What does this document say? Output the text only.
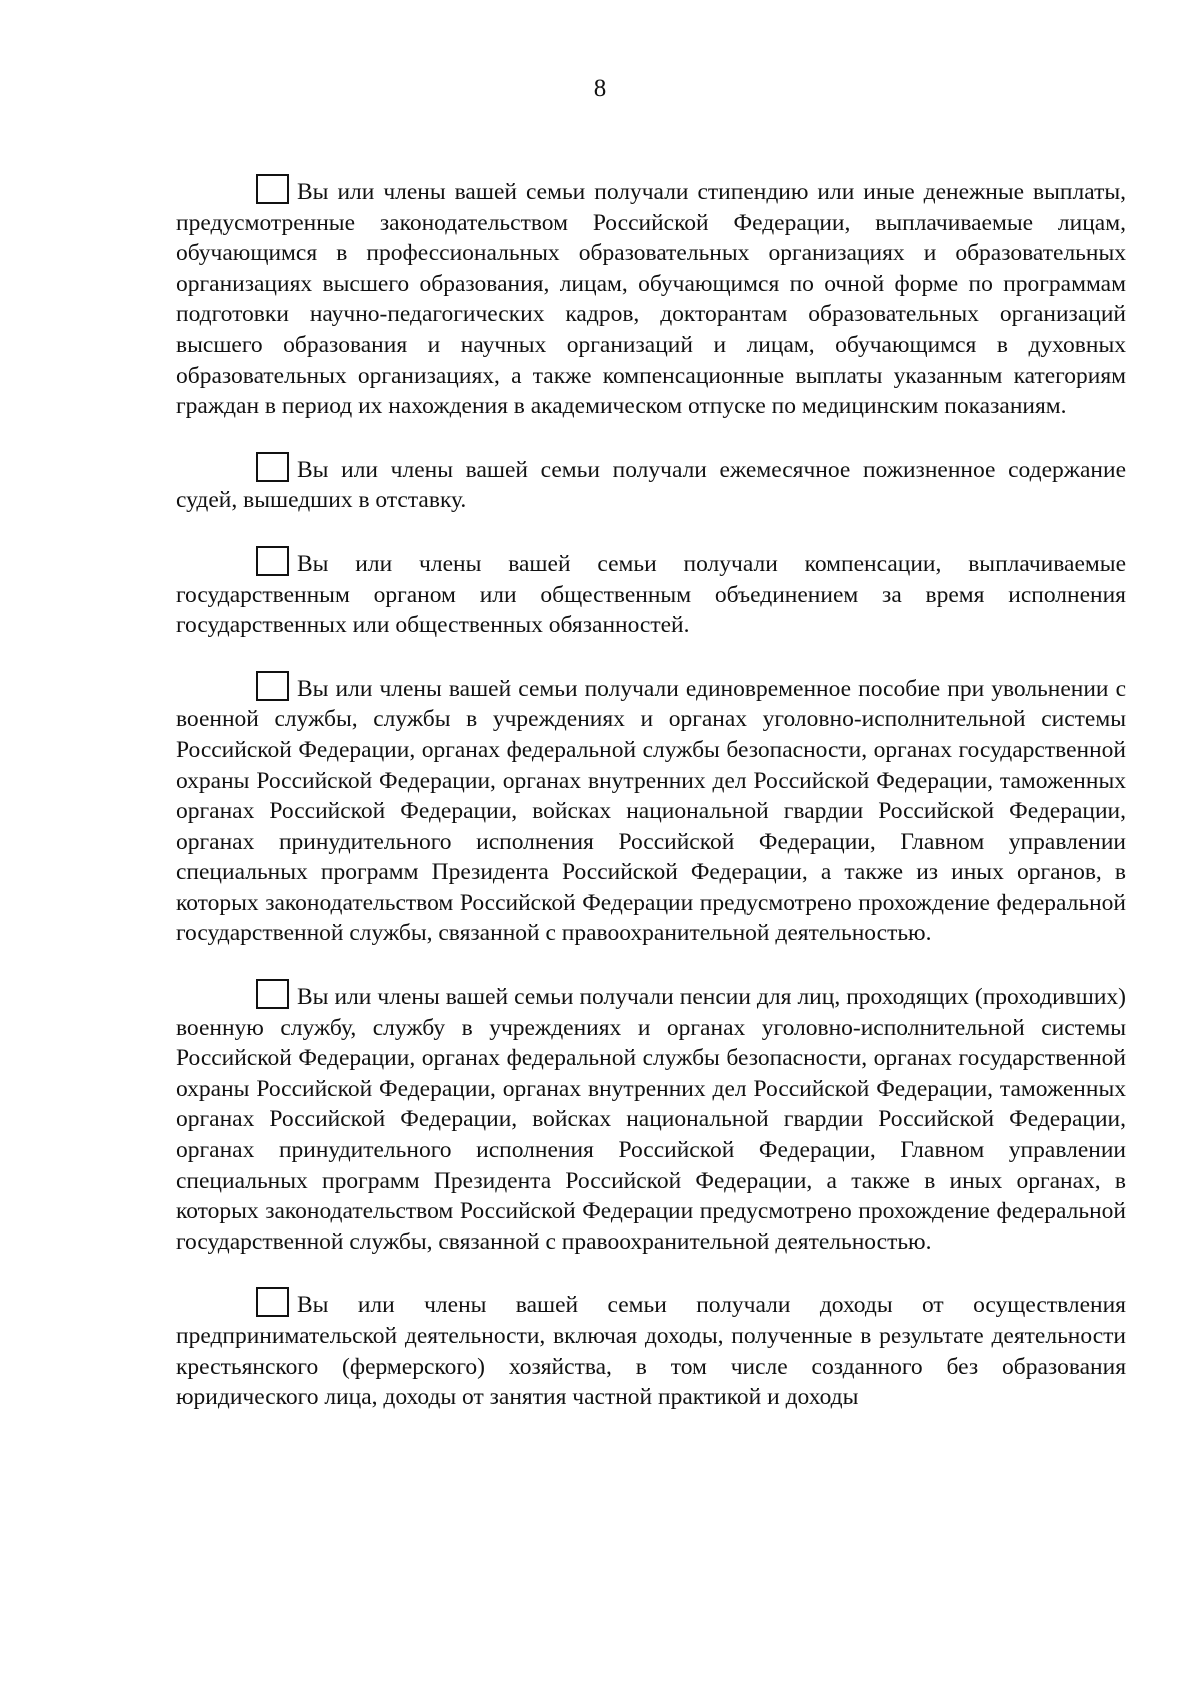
8

Вы или члены вашей семьи получали стипендию или иные денежные выплаты, предусмотренные законодательством Российской Федерации, выплачиваемые лицам, обучающимся в профессиональных образовательных организациях и образовательных организациях высшего образования, лицам, обучающимся по очной форме по программам подготовки научно-педагогических кадров, докторантам образовательных организаций высшего образования и научных организаций и лицам, обучающимся в духовных образовательных организациях, а также компенсационные выплаты указанным категориям граждан в период их нахождения в академическом отпуске по медицинским показаниям.

Вы или члены вашей семьи получали ежемесячное пожизненное содержание судей, вышедших в отставку.

Вы или члены вашей семьи получали компенсации, выплачиваемые государственным органом или общественным объединением за время исполнения государственных или общественных обязанностей.

Вы или члены вашей семьи получали единовременное пособие при увольнении с военной службы, службы в учреждениях и органах уголовно-исполнительной системы Российской Федерации, органах федеральной службы безопасности, органах государственной охраны Российской Федерации, органах внутренних дел Российской Федерации, таможенных органах Российской Федерации, войсках национальной гвардии Российской Федерации, органах принудительного исполнения Российской Федерации, Главном управлении специальных программ Президента Российской Федерации, а также из иных органов, в которых законодательством Российской Федерации предусмотрено прохождение федеральной государственной службы, связанной с правоохранительной деятельностью.

Вы или члены вашей семьи получали пенсии для лиц, проходящих (проходивших) военную службу, службу в учреждениях и органах уголовно-исполнительной системы Российской Федерации, органах федеральной службы безопасности, органах государственной охраны Российской Федерации, органах внутренних дел Российской Федерации, таможенных органах Российской Федерации, войсках национальной гвардии Российской Федерации, органах принудительного исполнения Российской Федерации, Главном управлении специальных программ Президента Российской Федерации, а также в иных органах, в которых законодательством Российской Федерации предусмотрено прохождение федеральной государственной службы, связанной с правоохранительной деятельностью.

Вы или члены вашей семьи получали доходы от осуществления предпринимательской деятельности, включая доходы, полученные в результате деятельности крестьянского (фермерского) хозяйства, в том числе созданного без образования юридического лица, доходы от занятия частной практикой и доходы
